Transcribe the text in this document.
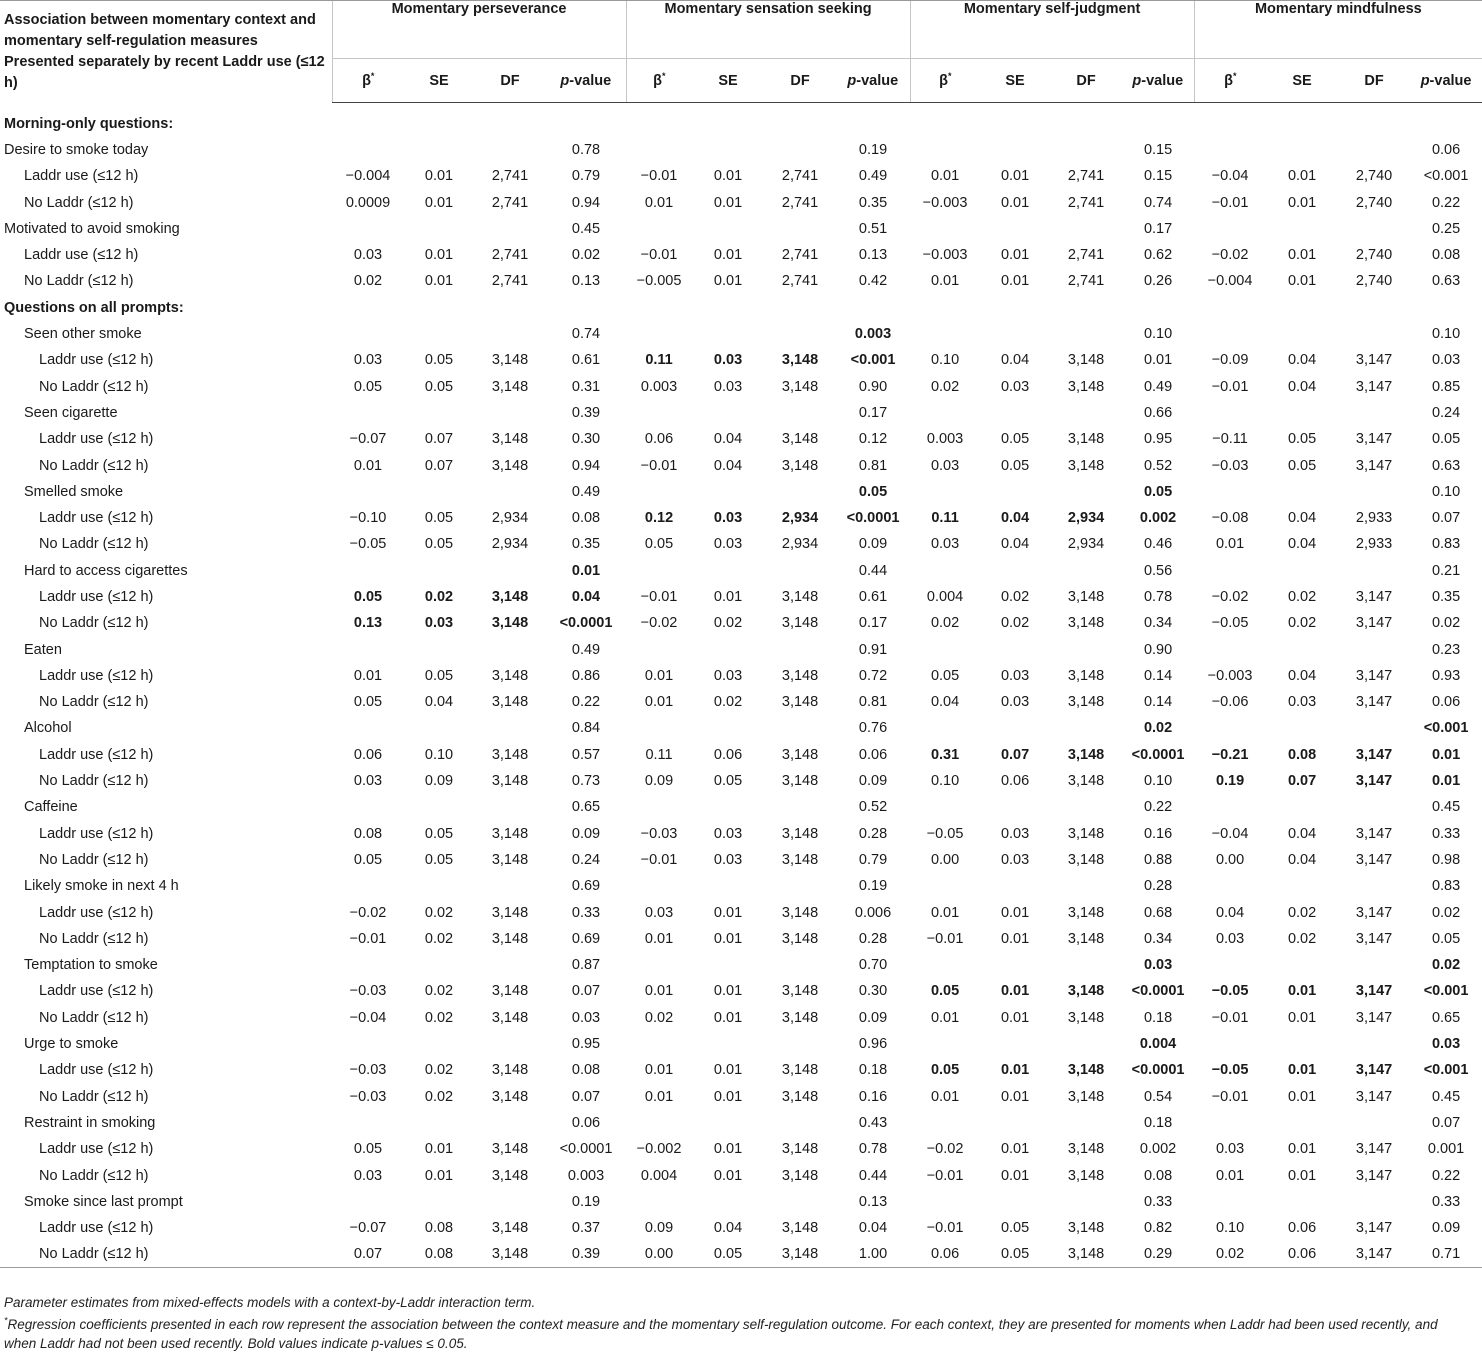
Association between momentary context and momentary self-regulation measures Presented separately by recent Laddr use (≤12 h)	Momentary perseverance				Momentary sensation seeking				Momentary self-judgment				Momentary mindfulness			
	β*	SE	DF	p-value	β*	SE	DF	p-value	β*	SE	DF	p-value	β*	SE	DF	p-value

Morning-only questions:																
Desire to smoke today				0.78				0.19				0.15				0.06
Laddr use (≤12 h)	−0.004	0.01	2,741	0.79	−0.01	0.01	2,741	0.49	0.01	0.01	2,741	0.15	−0.04	0.01	2,740	<0.001
No Laddr (≤12 h)	0.0009	0.01	2,741	0.94	0.01	0.01	2,741	0.35	−0.003	0.01	2,741	0.74	−0.01	0.01	2,740	0.22
Motivated to avoid smoking				0.45				0.51				0.17				0.25
Laddr use (≤12 h)	0.03	0.01	2,741	0.02	−0.01	0.01	2,741	0.13	−0.003	0.01	2,741	0.62	−0.02	0.01	2,740	0.08
No Laddr (≤12 h)	0.02	0.01	2,741	0.13	−0.005	0.01	2,741	0.42	0.01	0.01	2,741	0.26	−0.004	0.01	2,740	0.63
Questions on all prompts:																
Seen other smoke				0.74				0.003				0.10				0.10
Laddr use (≤12 h)	0.03	0.05	3,148	0.61	0.11	0.03	3,148	<0.001	0.10	0.04	3,148	0.01	−0.09	0.04	3,147	0.03
No Laddr (≤12 h)	0.05	0.05	3,148	0.31	0.003	0.03	3,148	0.90	0.02	0.03	3,148	0.49	−0.01	0.04	3,147	0.85
Seen cigarette				0.39				0.17				0.66				0.24
Laddr use (≤12 h)	−0.07	0.07	3,148	0.30	0.06	0.04	3,148	0.12	0.003	0.05	3,148	0.95	−0.11	0.05	3,147	0.05
No Laddr (≤12 h)	0.01	0.07	3,148	0.94	−0.01	0.04	3,148	0.81	0.03	0.05	3,148	0.52	−0.03	0.05	3,147	0.63
Smelled smoke				0.49				0.05				0.05				0.10
Laddr use (≤12 h)	−0.10	0.05	2,934	0.08	0.12	0.03	2,934	<0.0001	0.11	0.04	2,934	0.002	−0.08	0.04	2,933	0.07
No Laddr (≤12 h)	−0.05	0.05	2,934	0.35	0.05	0.03	2,934	0.09	0.03	0.04	2,934	0.46	0.01	0.04	2,933	0.83
Hard to access cigarettes				0.01				0.44				0.56				0.21
Laddr use (≤12 h)	0.05	0.02	3,148	0.04	−0.01	0.01	3,148	0.61	0.004	0.02	3,148	0.78	−0.02	0.02	3,147	0.35
No Laddr (≤12 h)	0.13	0.03	3,148	<0.0001	−0.02	0.02	3,148	0.17	0.02	0.02	3,148	0.34	−0.05	0.02	3,147	0.02
Eaten				0.49				0.91				0.90				0.23
Laddr use (≤12 h)	0.01	0.05	3,148	0.86	0.01	0.03	3,148	0.72	0.05	0.03	3,148	0.14	−0.003	0.04	3,147	0.93
No Laddr (≤12 h)	0.05	0.04	3,148	0.22	0.01	0.02	3,148	0.81	0.04	0.03	3,148	0.14	−0.06	0.03	3,147	0.06
Alcohol				0.84				0.76				0.02				<0.001
Laddr use (≤12 h)	0.06	0.10	3,148	0.57	0.11	0.06	3,148	0.06	0.31	0.07	3,148	<0.0001	−0.21	0.08	3,147	0.01
No Laddr (≤12 h)	0.03	0.09	3,148	0.73	0.09	0.05	3,148	0.09	0.10	0.06	3,148	0.10	0.19	0.07	3,147	0.01
Caffeine				0.65				0.52				0.22				0.45
Laddr use (≤12 h)	0.08	0.05	3,148	0.09	−0.03	0.03	3,148	0.28	−0.05	0.03	3,148	0.16	−0.04	0.04	3,147	0.33
No Laddr (≤12 h)	0.05	0.05	3,148	0.24	−0.01	0.03	3,148	0.79	0.00	0.03	3,148	0.88	0.00	0.04	3,147	0.98
Likely smoke in next 4 h				0.69				0.19				0.28				0.83
Laddr use (≤12 h)	−0.02	0.02	3,148	0.33	0.03	0.01	3,148	0.006	0.01	0.01	3,148	0.68	0.04	0.02	3,147	0.02
No Laddr (≤12 h)	−0.01	0.02	3,148	0.69	0.01	0.01	3,148	0.28	−0.01	0.01	3,148	0.34	0.03	0.02	3,147	0.05
Temptation to smoke				0.87				0.70				0.03				0.02
Laddr use (≤12 h)	−0.03	0.02	3,148	0.07	0.01	0.01	3,148	0.30	0.05	0.01	3,148	<0.0001	−0.05	0.01	3,147	<0.001
No Laddr (≤12 h)	−0.04	0.02	3,148	0.03	0.02	0.01	3,148	0.09	0.01	0.01	3,148	0.18	−0.01	0.01	3,147	0.65
Urge to smoke				0.95				0.96				0.004				0.03
Laddr use (≤12 h)	−0.03	0.02	3,148	0.08	0.01	0.01	3,148	0.18	0.05	0.01	3,148	<0.0001	−0.05	0.01	3,147	<0.001
No Laddr (≤12 h)	−0.03	0.02	3,148	0.07	0.01	0.01	3,148	0.16	0.01	0.01	3,148	0.54	−0.01	0.01	3,147	0.45
Restraint in smoking				0.06				0.43				0.18				0.07
Laddr use (≤12 h)	0.05	0.01	3,148	<0.0001	−0.002	0.01	3,148	0.78	−0.02	0.01	3,148	0.002	0.03	0.01	3,147	0.001
No Laddr (≤12 h)	0.03	0.01	3,148	0.003	0.004	0.01	3,148	0.44	−0.01	0.01	3,148	0.08	0.01	0.01	3,147	0.22
Smoke since last prompt				0.19				0.13				0.33				0.33
Laddr use (≤12 h)	−0.07	0.08	3,148	0.37	0.09	0.04	3,148	0.04	−0.01	0.05	3,148	0.82	0.10	0.06	3,147	0.09
No Laddr (≤12 h)	0.07	0.08	3,148	0.39	0.00	0.05	3,148	1.00	0.06	0.05	3,148	0.29	0.02	0.06	3,147	0.71

Parameter estimates from mixed-effects models with a context-by-Laddr interaction term.

*Regression coefficients presented in each row represent the association between the context measure and the momentary self-regulation outcome. For each context, they are presented for moments when Laddr had been used recently, and when Laddr had not been used recently. Bold values indicate p-values ≤ 0.05.
